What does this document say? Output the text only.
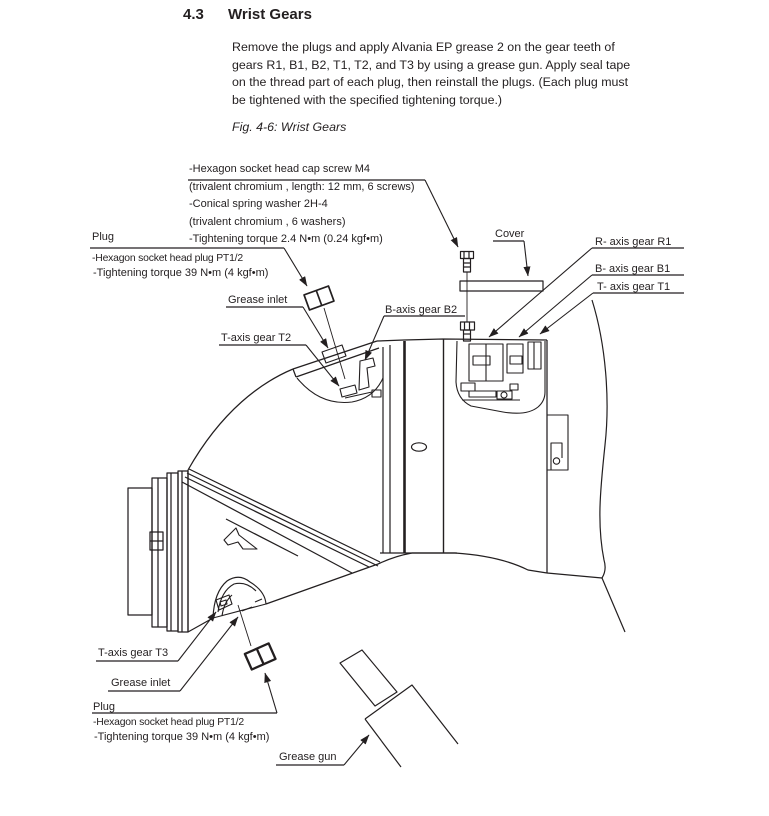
4.3 Wrist Gears
Remove the plugs and apply Alvania EP grease 2 on the gear teeth of
gears R1, B1, B2, T1, T2, and T3 by using a grease gun. Apply seal tape
on the thread part of each plug, then reinstall the plugs. (Each plug must
be tightened with the specified tightening torque.)
Fig. 4-6: Wrist Gears
-Hexagon socket head cap screw M4
(trivalent chromium , length: 12 mm, 6 screws)
-Conical spring washer 2H-4
(trivalent chromium , 6 washers)
-Tightening torque 2.4 N•m (0.24 kgf•m)
Plug
-Hexagon socket head plug PT1/2
-Tightening torque 39 N•m (4 kgf•m)
Cover
R- axis gear R1
B- axis gear B1
T- axis gear T1
Grease inlet
B-axis gear B2
T-axis gear T2
T-axis gear T3
Grease inlet
Plug
-Hexagon socket head plug PT1/2
-Tightening torque 39 N•m (4 kgf•m)
Grease gun
